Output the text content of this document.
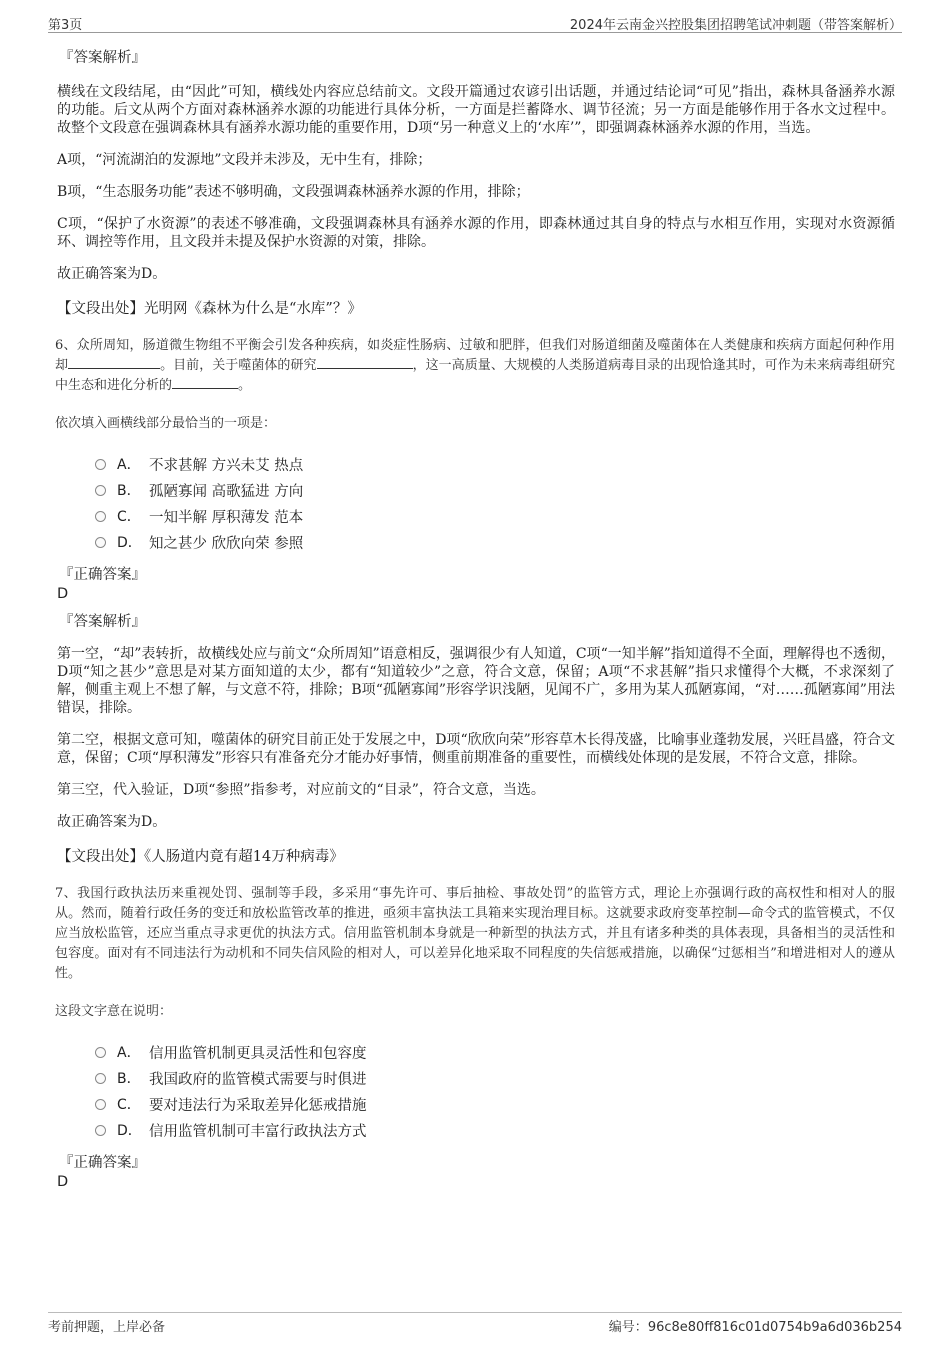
第3页	2024年云南金兴控股集团招聘笔试冲刺题（带答案解析）
『答案解析』
横线在文段结尾，由“因此”可知，横线处内容应总结前文。文段开篇通过农谚引出话题，并通过结论词“可见”指出，森林具备涵养水源的功能。后文从两个方面对森林涵养水源的功能进行具体分析，一方面是拦蓄降水、调节径流；另一方面是能够作用于各水文过程中。故整个文段意在强调森林具有涵养水源功能的重要作用，D项“另一种意义上的‘水库’”，即强调森林涵养水源的作用，当选。
A项，“河流湖泊的发源地”文段并未涉及，无中生有，排除；
B项，“生态服务功能”表述不够明确，文段强调森林涵养水源的作用，排除；
C项，“保护了水资源”的表述不够准确，文段强调森林具有涵养水源的作用，即森林通过其自身的特点与水相互作用，实现对水资源循环、调控等作用，且文段并未提及保护水资源的对策，排除。
故正确答案为D。
【文段出处】光明网《森林为什么是“水库”？》
6、众所周知，肠道微生物组不平衡会引发各种疾病，如炎症性肠病、过敏和肥胖，但我们对肠道细菌及噬菌体在人类健康和疾病方面起何种作用却	。目前，关于噬菌体的研究	，这一高质量、大规模的人类肠道病毒目录的出现恰逢其时，可作为未来病毒组研究中生态和进化分析的	。
依次填入画横线部分最恰当的一项是：
A． 不求甚解 方兴未艾 热点
B． 孤陋寡闻 高歌猛进 方向
C． 一知半解 厚积薄发 范本
D． 知之甚少 欣欣向荣 参照
『正确答案』
D
『答案解析』
第一空，“却”表转折，故横线处应与前文“众所周知”语意相反，强调很少有人知道，C项“一知半解”指知道得不全面，理解得也不透彻，D项“知之甚少”意思是对某方面知道的太少，都有“知道较少”之意，符合文意，保留；A项“不求甚解”指只求懂得个大概，不求深刻了解，侧重主观上不想了解，与文意不符，排除；B项“孤陋寡闻”形容学识浅陋，见闻不广，多用为某人孤陋寡闻，“对……孤陋寡闻”用法错误，排除。
第二空，根据文意可知，噬菌体的研究目前正处于发展之中，D项“欣欣向荣”形容草木长得茂盛，比喻事业蓬勃发展，兴旺昌盛，符合文意，保留；C项“厚积薄发”形容只有准备充分才能办好事情，侧重前期准备的重要性，而横线处体现的是发展，不符合文意，排除。
第三空，代入验证，D项“参照”指参考，对应前文的“目录”，符合文意，当选。
故正确答案为D。
【文段出处】《人肠道内竟有超14万种病毒》
7、我国行政执法历来重视处罚、强制等手段，多采用“事先许可、事后抽检、事故处罚”的监管方式，理论上亦强调行政的高权性和相对人的服从。然而，随着行政任务的变迁和放松监管改革的推进，亟须丰富执法工具箱来实现治理目标。这就要求政府变革控制—命令式的监管模式，不仅应当放松监管，还应当重点寻求更优的执法方式。信用监管机制本身就是一种新型的执法方式，并且有诸多种类的具体表现，具备相当的灵活性和包容度。面对有不同违法行为动机和不同失信风险的相对人，可以差异化地采取不同程度的失信惩戒措施，以确保“过惩相当”和增进相对人的遵从性。
这段文字意在说明：
A． 信用监管机制更具灵活性和包容度
B． 我国政府的监管模式需要与时俱进
C． 要对违法行为采取差异化惩戒措施
D． 信用监管机制可丰富行政执法方式
『正确答案』
D
考前押题，上岸必备	编号：96c8e80ff816c01d0754b9a6d036b254
